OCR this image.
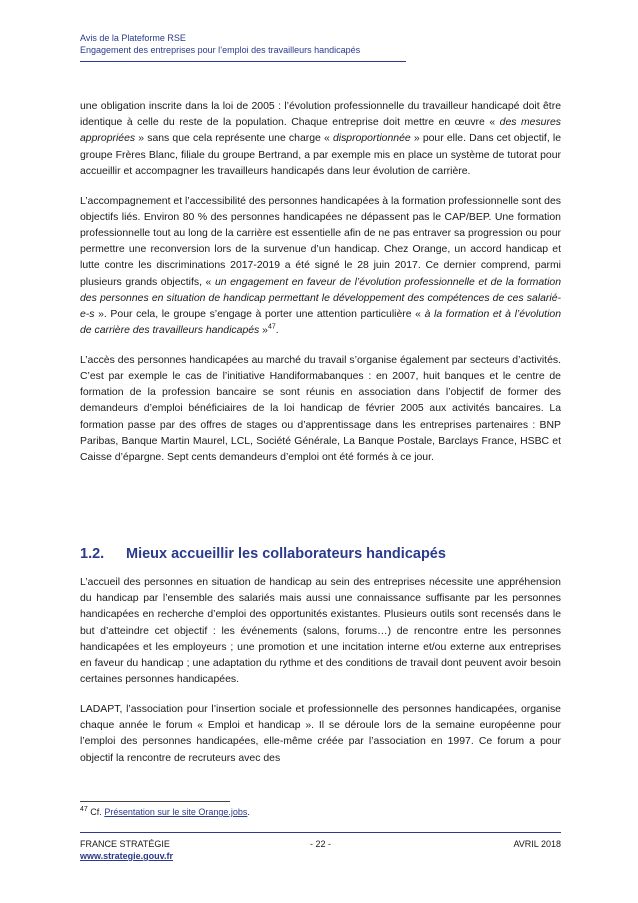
Avis de la Plateforme RSE
Engagement des entreprises pour l’emploi des travailleurs handicapés

une obligation inscrite dans la loi de 2005 : l’évolution professionnelle du travailleur handicapé doit être identique à celle du reste de la population. Chaque entreprise doit mettre en œuvre « des mesures appropriées » sans que cela représente une charge « disproportionnée » pour elle. Dans cet objectif, le groupe Frères Blanc, filiale du groupe Bertrand, a par exemple mis en place un système de tutorat pour accueillir et accompagner les travailleurs handicapés dans leur évolution de carrière.

L’accompagnement et l’accessibilité des personnes handicapées à la formation professionnelle sont des objectifs liés. Environ 80 % des personnes handicapées ne dépassent pas le CAP/BEP. Une formation professionnelle tout au long de la carrière est essentielle afin de ne pas entraver sa progression ou pour permettre une reconversion lors de la survenue d’un handicap. Chez Orange, un accord handicap et lutte contre les discriminations 2017-2019 a été signé le 28 juin 2017. Ce dernier comprend, parmi plusieurs grands objectifs, « un engagement en faveur de l’évolution professionnelle et de la formation des personnes en situation de handicap permettant le développement des compétences de ces salarié-e-s ». Pour cela, le groupe s’engage à porter une attention particulière « à la formation et à l’évolution de carrière des travailleurs handicapés »$^{47}$.

L’accès des personnes handicapées au marché du travail s’organise également par secteurs d’activités. C’est par exemple le cas de l’initiative Handiformabanques : en 2007, huit banques et le centre de formation de la profession bancaire se sont réunis en association dans l’objectif de former des demandeurs d’emploi bénéficiaires de la loi handicap de février 2005 aux activités bancaires. La formation passe par des offres de stages ou d’apprentissage dans les entreprises partenaires : BNP Paribas, Banque Martin Maurel, LCL, Société Générale, La Banque Postale, Barclays France, HSBC et Caisse d’épargne. Sept cents demandeurs d’emploi ont été formés à ce jour.

1.2. Mieux accueillir les collaborateurs handicapés

L’accueil des personnes en situation de handicap au sein des entreprises nécessite une appréhension du handicap par l’ensemble des salariés mais aussi une connaissance suffisante par les personnes handicapées en recherche d’emploi des opportunités existantes. Plusieurs outils sont recensés dans le but d’atteindre cet objectif : les événements (salons, forums…) de rencontre entre les personnes handicapées et les employeurs ; une promotion et une incitation interne et/ou externe aux entreprises en faveur du handicap ; une adaptation du rythme et des conditions de travail dont peuvent avoir besoin certaines personnes handicapées.

LADAPT, l’association pour l’insertion sociale et professionnelle des personnes handicapées, organise chaque année le forum « Emploi et handicap ». Il se déroule lors de la semaine européenne pour l’emploi des personnes handicapées, elle-même créée par l’association en 1997. Ce forum a pour objectif la rencontre de recruteurs avec des

$^{47}$ Cf. Présentation sur le site Orange.jobs.
FRANCE STRATÉGIE	- 22 -	AVRIL 2018
www.strategie.gouv.fr
